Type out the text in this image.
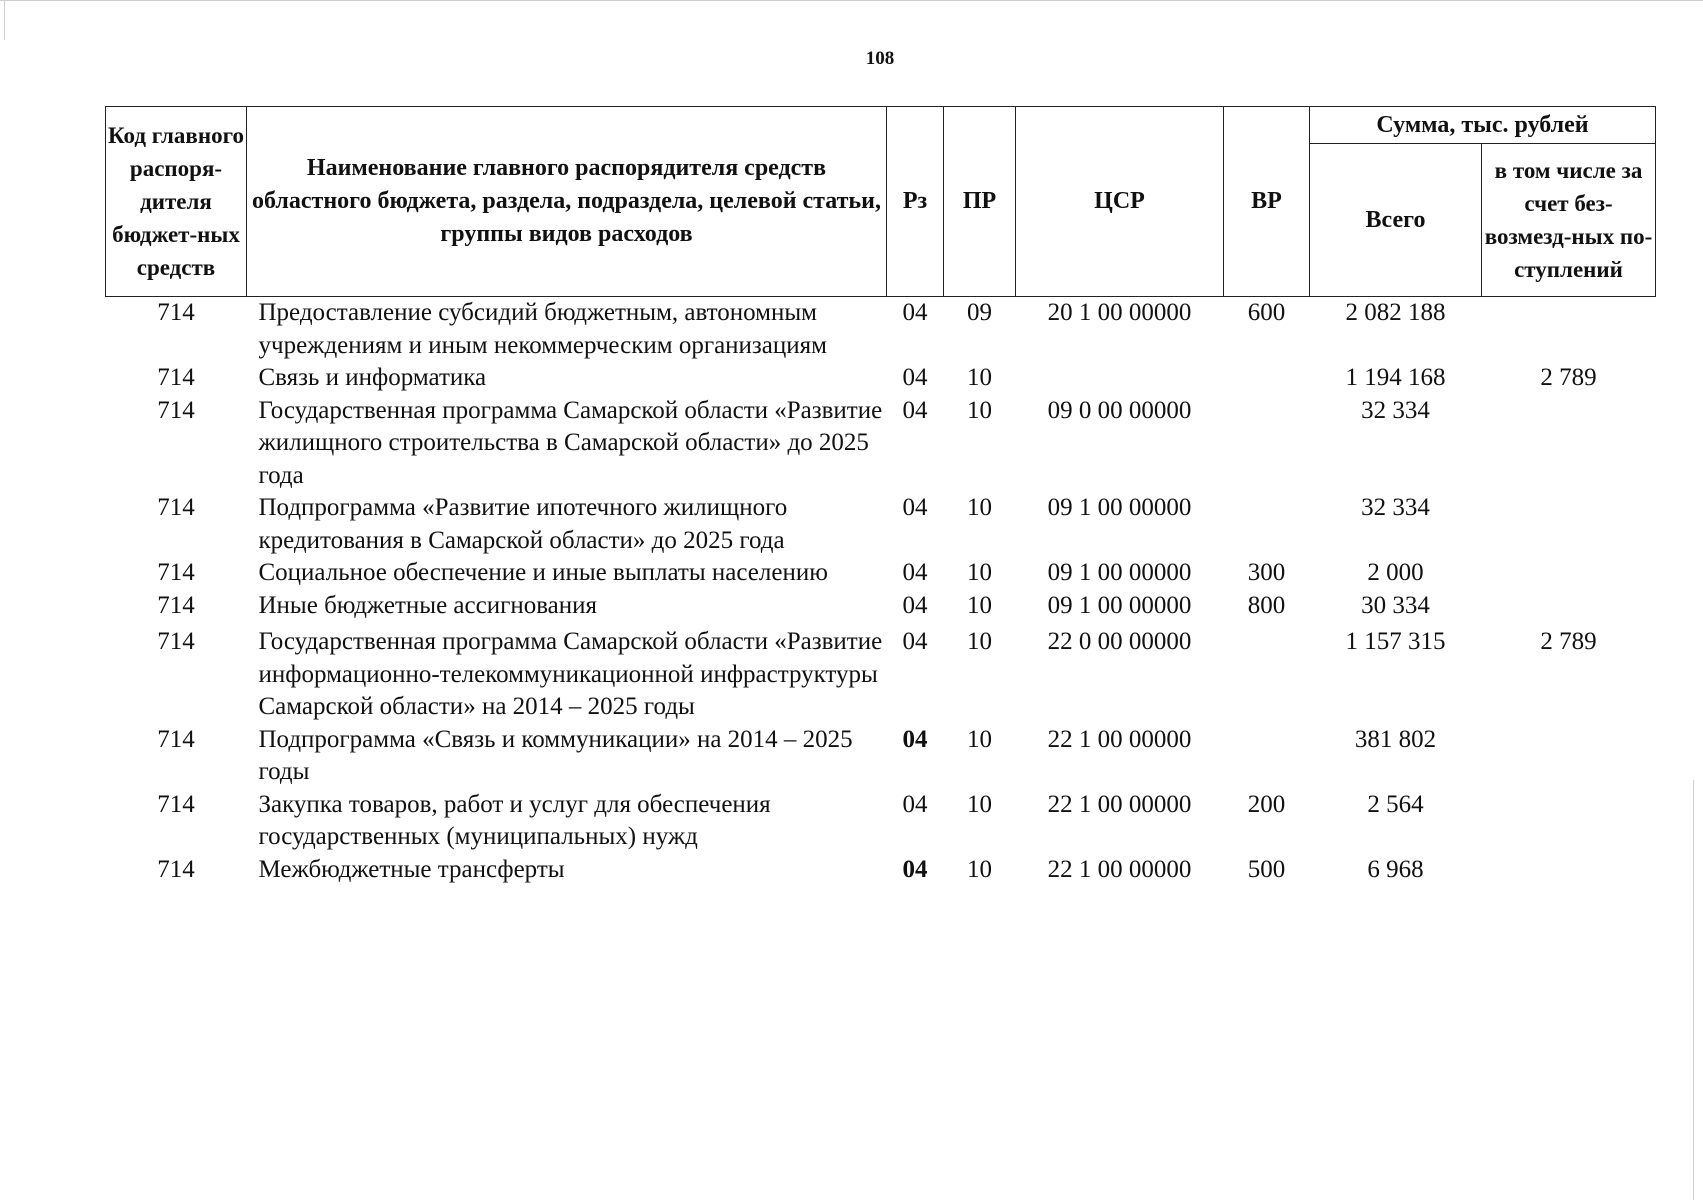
108
Код главного распоря-дителя бюджет-ных средств	Наименование главного распорядителя средств областного бюджета, раздела, подраздела, целевой статьи, группы видов расходов	Рз	ПР	ЦСР	ВР	Сумма, тыс. рублей	
						Всего	в том числе за счет без-возмезд-ных по-ступлений
714	Предоставление субсидий бюджетным, автономным учреждениям и иным некоммерческим организациям	04	09	20 1 00 00000	600	2 082 188	
714	Связь и информатика	04	10			1 194 168	2 789
714	Государственная программа Самарской области «Развитие жилищного строительства в Самарской области» до 2025 года	04	10	09 0 00 00000		32 334	
714	Подпрограмма «Развитие ипотечного жилищного кредитования в Самарской области» до 2025 года	04	10	09 1 00 00000		32 334	
714	Социальное обеспечение и иные выплаты населению	04	10	09 1 00 00000	300	2 000	
714	Иные бюджетные ассигнования	04	10	09 1 00 00000	800	30 334	
714	Государственная программа Самарской области «Развитие информационно-телекоммуникационной инфраструктуры Самарской области» на 2014 – 2025 годы	04	10	22 0 00 00000		1 157 315	2 789
714	Подпрограмма «Связь и коммуникации» на 2014 – 2025 годы	04	10	22 1 00 00000		381 802	
714	Закупка товаров, работ и услуг для обеспечения государственных (муниципальных) нужд	04	10	22 1 00 00000	200	2 564	
714	Межбюджетные трансферты	04	10	22 1 00 00000	500	6 968	
